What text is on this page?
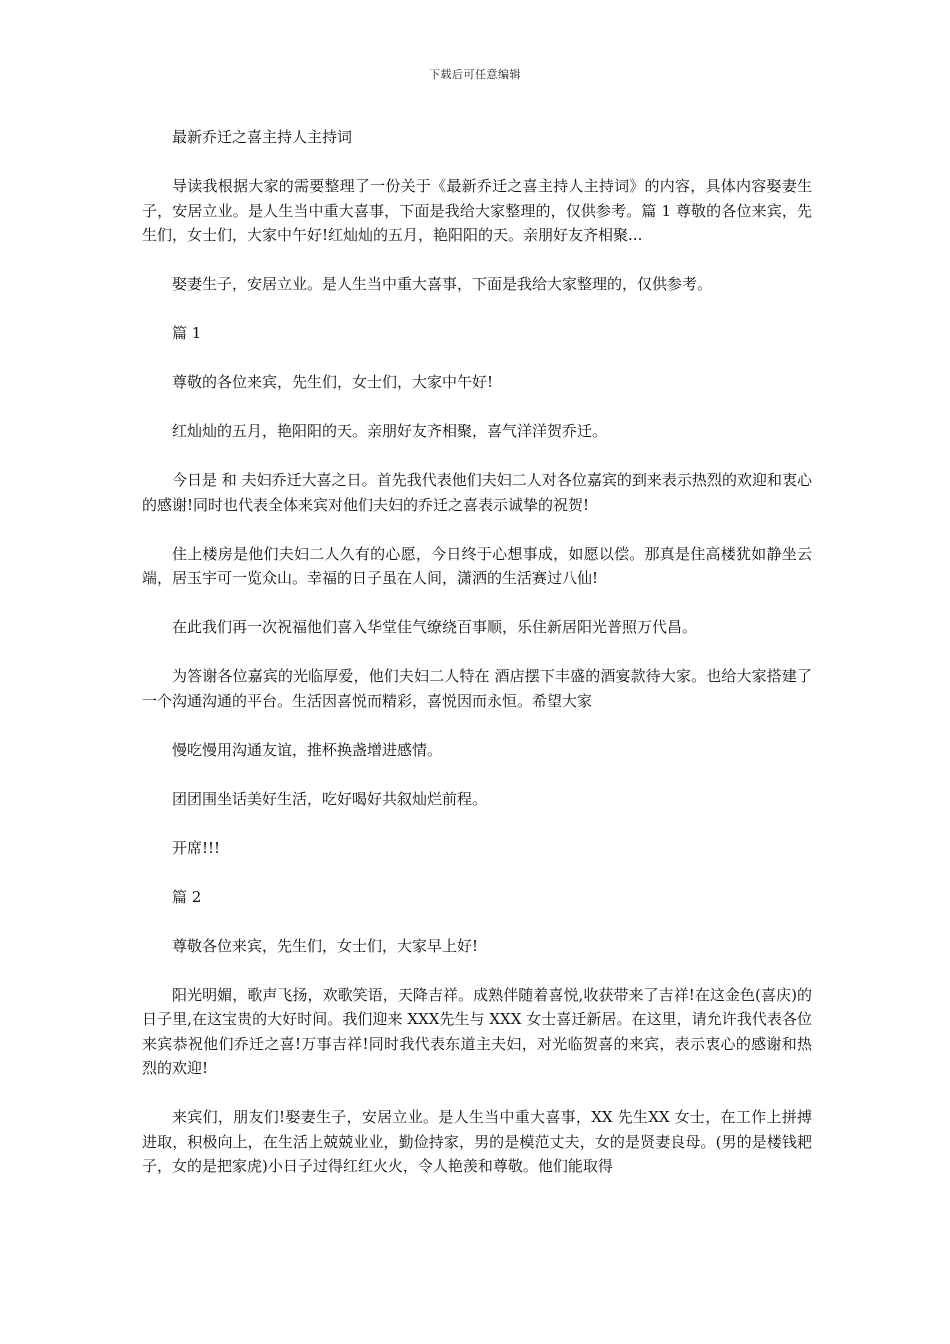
下载后可任意编辑

最新乔迁之喜主持人主持词

导读我根据大家的需要整理了一份关于《最新乔迁之喜主持人主持词》的内容，具体内容娶妻生子，安居立业。是人生当中重大喜事，下面是我给大家整理的，仅供参考。篇 1 尊敬的各位来宾，先生们，女士们，大家中午好!红灿灿的五月，艳阳阳的天。亲朋好友齐相聚...

娶妻生子，安居立业。是人生当中重大喜事，下面是我给大家整理的，仅供参考。

篇 1

尊敬的各位来宾，先生们，女士们，大家中午好!

红灿灿的五月，艳阳阳的天。亲朋好友齐相聚，喜气洋洋贺乔迁。

今日是 和 夫妇乔迁大喜之日。首先我代表他们夫妇二人对各位嘉宾的到来表示热烈的欢迎和衷心的感谢!同时也代表全体来宾对他们夫妇的乔迁之喜表示诚挚的祝贺!

住上楼房是他们夫妇二人久有的心愿，今日终于心想事成，如愿以偿。那真是住高楼犹如静坐云端，居玉宇可一览众山。幸福的日子虽在人间，潇洒的生活赛过八仙!

在此我们再一次祝福他们喜入华堂佳气缭绕百事顺，乐住新居阳光普照万代昌。

为答谢各位嘉宾的光临厚爱，他们夫妇二人特在 酒店摆下丰盛的酒宴款待大家。也给大家搭建了一个沟通沟通的平台。生活因喜悦而精彩，喜悦因而永恒。希望大家

慢吃慢用沟通友谊，推杯换盏增进感情。

团团围坐话美好生活，吃好喝好共叙灿烂前程。

开席!!!

篇 2

尊敬各位来宾，先生们，女士们，大家早上好!

阳光明媚，歌声飞扬，欢歌笑语，天降吉祥。成熟伴随着喜悦,收获带来了吉祥!在这金色(喜庆)的日子里,在这宝贵的大好时间。我们迎来 XXX先生与 XXX 女士喜迁新居。在这里，请允许我代表各位来宾恭祝他们乔迁之喜!万事吉祥!同时我代表东道主夫妇，对光临贺喜的来宾，表示衷心的感谢和热烈的欢迎!

来宾们，朋友们!娶妻生子，安居立业。是人生当中重大喜事，XX 先生XX 女士，在工作上拼搏进取，积极向上，在生活上兢兢业业，勤俭持家，男的是模范丈夫，女的是贤妻良母。(男的是楼钱耙子，女的是把家虎)小日子过得红红火火，令人艳羡和尊敬。他们能取得
